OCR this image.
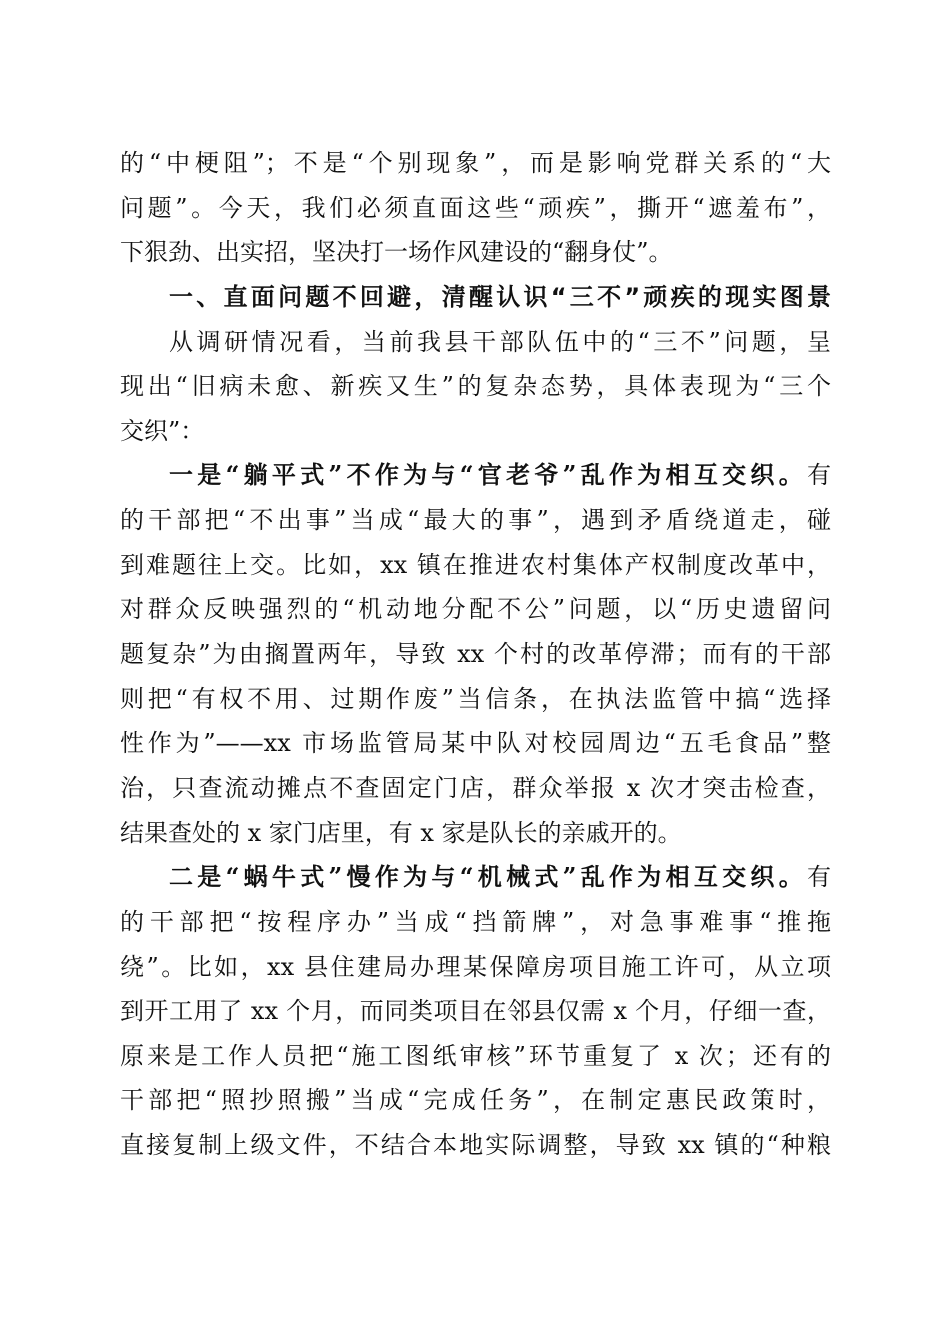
的“中梗阻”；不是“个别现象”，而是影响党群关系的“大
问题”。今天，我们必须直面这些“顽疾”，撕开“遮羞布”，
下狠劲、出实招，坚决打一场作风建设的“翻身仗”。
一、直面问题不回避，清醒认识“三不”顽疾的现实图景
从调研情况看，当前我县干部队伍中的“三不”问题，呈
现出“旧病未愈、新疾又生”的复杂态势，具体表现为“三个
交织”：
一是“躺平式”不作为与“官老爷”乱作为相互交织。有
的干部把“不出事”当成“最大的事”，遇到矛盾绕道走，碰
到难题往上交。比如，xx 镇在推进农村集体产权制度改革中，
对群众反映强烈的“机动地分配不公”问题，以“历史遗留问
题复杂”为由搁置两年，导致 xx 个村的改革停滞；而有的干部
则把“有权不用、过期作废”当信条，在执法监管中搞“选择
性作为”——xx 市场监管局某中队对校园周边“五毛食品”整
治，只查流动摊点不查固定门店，群众举报 x 次才突击检查，
结果查处的 x 家门店里，有 x 家是队长的亲戚开的。
二是“蜗牛式”慢作为与“机械式”乱作为相互交织。有
的干部把“按程序办”当成“挡箭牌”，对急事难事“推拖
绕”。比如，xx 县住建局办理某保障房项目施工许可，从立项
到开工用了 xx 个月，而同类项目在邻县仅需 x 个月，仔细一查，
原来是工作人员把“施工图纸审核”环节重复了 x 次；还有的
干部把“照抄照搬”当成“完成任务”，在制定惠民政策时，
直接复制上级文件，不结合本地实际调整，导致 xx 镇的“种粮
